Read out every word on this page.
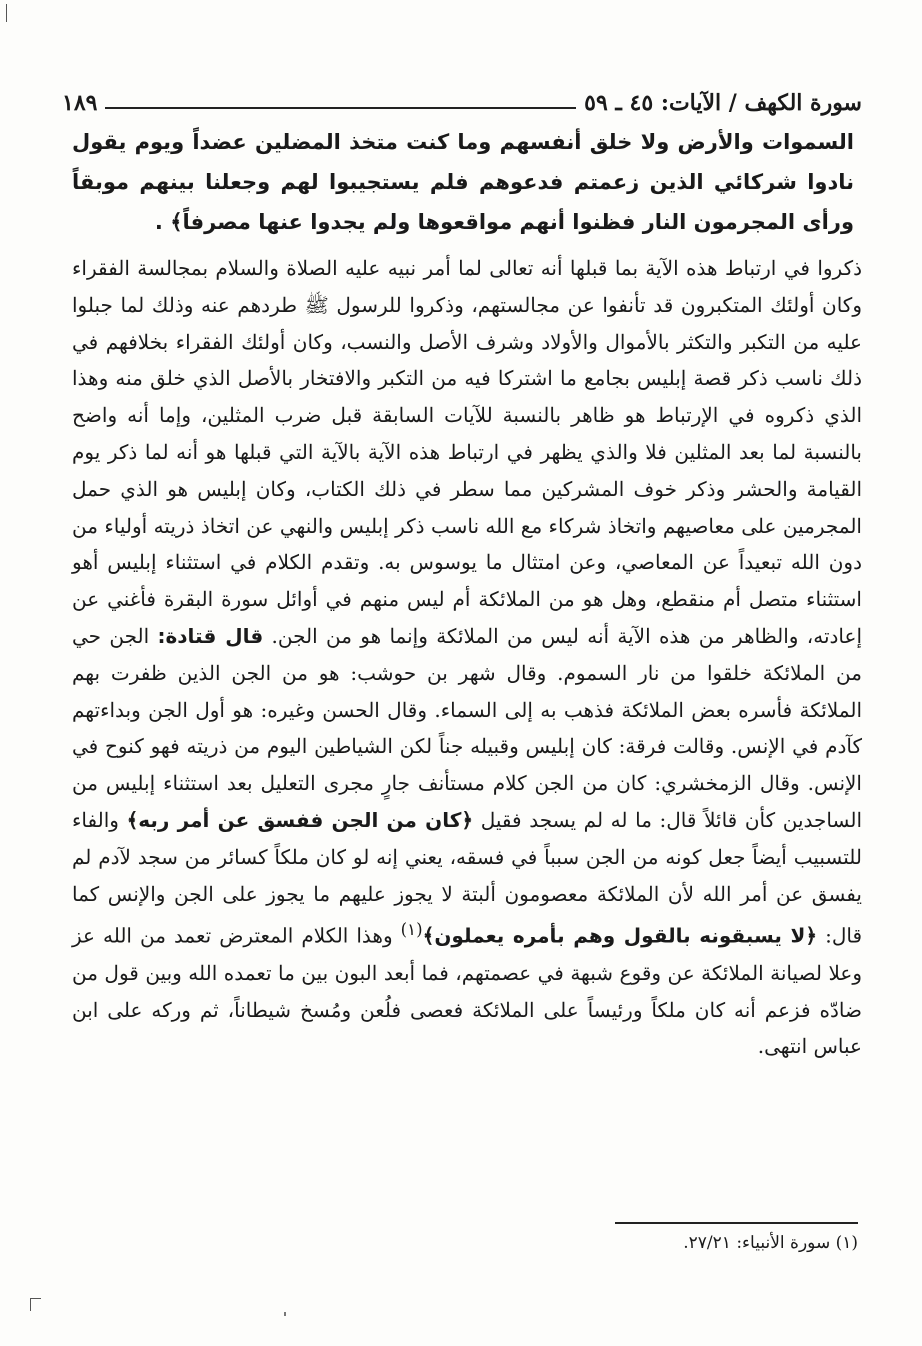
سورة الكهف / الآيات: ٤٥ ـ ٥٩
١٨٩

السموات والأرض ولا خلق أنفسهم وما كنت متخذ المضلين عضداً ويوم يقول نادوا شركائي الذين زعمتم فدعوهم فلم يستجيبوا لهم وجعلنا بينهم موبقاً ورأى المجرمون النار فظنوا أنهم مواقعوها ولم يجدوا عنها مصرفاً﴾ .

ذكروا في ارتباط هذه الآية بما قبلها أنه تعالى لما أمر نبيه عليه الصلاة والسلام بمجالسة الفقراء وكان أولئك المتكبرون قد تأنفوا عن مجالستهم، وذكروا للرسول ﷺ طردهم عنه وذلك لما جبلوا عليه من التكبر والتكثر بالأموال والأولاد وشرف الأصل والنسب، وكان أولئك الفقراء بخلافهم في ذلك ناسب ذكر قصة إبليس بجامع ما اشتركا فيه من التكبر والافتخار بالأصل الذي خلق منه وهذا الذي ذكروه في الإرتباط هو ظاهر بالنسبة للآيات السابقة قبل ضرب المثلين، وإما أنه واضح بالنسبة لما بعد المثلين فلا والذي يظهر في ارتباط هذه الآية بالآية التي قبلها هو أنه لما ذكر يوم القيامة والحشر وذكر خوف المشركين مما سطر في ذلك الكتاب، وكان إبليس هو الذي حمل المجرمين على معاصيهم واتخاذ شركاء مع الله ناسب ذكر إبليس والنهي عن اتخاذ ذريته أولياء من دون الله تبعيداً عن المعاصي، وعن امتثال ما يوسوس به. وتقدم الكلام في استثناء إبليس أهو استثناء متصل أم منقطع، وهل هو من الملائكة أم ليس منهم في أوائل سورة البقرة فأغني عن إعادته، والظاهر من هذه الآية أنه ليس من الملائكة وإنما هو من الجن. قال قتادة: الجن حي من الملائكة خلقوا من نار السموم. وقال شهر بن حوشب: هو من الجن الذين ظفرت بهم الملائكة فأسره بعض الملائكة فذهب به إلى السماء. وقال الحسن وغيره: هو أول الجن وبداءتهم كآدم في الإنس. وقالت فرقة: كان إبليس وقبيله جناً لكن الشياطين اليوم من ذريته فهو كنوح في الإنس. وقال الزمخشري: كان من الجن كلام مستأنف جارٍ مجرى التعليل بعد استثناء إبليس من الساجدين كأن قائلاً قال: ما له لم يسجد فقيل ﴿كان من الجن ففسق عن أمر ربه﴾ والفاء للتسبيب أيضاً جعل كونه من الجن سبباً في فسقه، يعني إنه لو كان ملكاً كسائر من سجد لآدم لم يفسق عن أمر الله لأن الملائكة معصومون ألبتة لا يجوز عليهم ما يجوز على الجن والإنس كما قال: ﴿لا يسبقونه بالقول وهم بأمره يعملون﴾$^{(١)}$ وهذا الكلام المعترض تعمد من الله عز وعلا لصيانة الملائكة عن وقوع شبهة في عصمتهم، فما أبعد البون بين ما تعمده الله وبين قول من ضادّه فزعم أنه كان ملكاً ورئيساً على الملائكة فعصى فلُعن ومُسخ شيطاناً، ثم وركه على ابن عباس انتهى.

(١) سورة الأنبياء: ٢٧/٢١.
